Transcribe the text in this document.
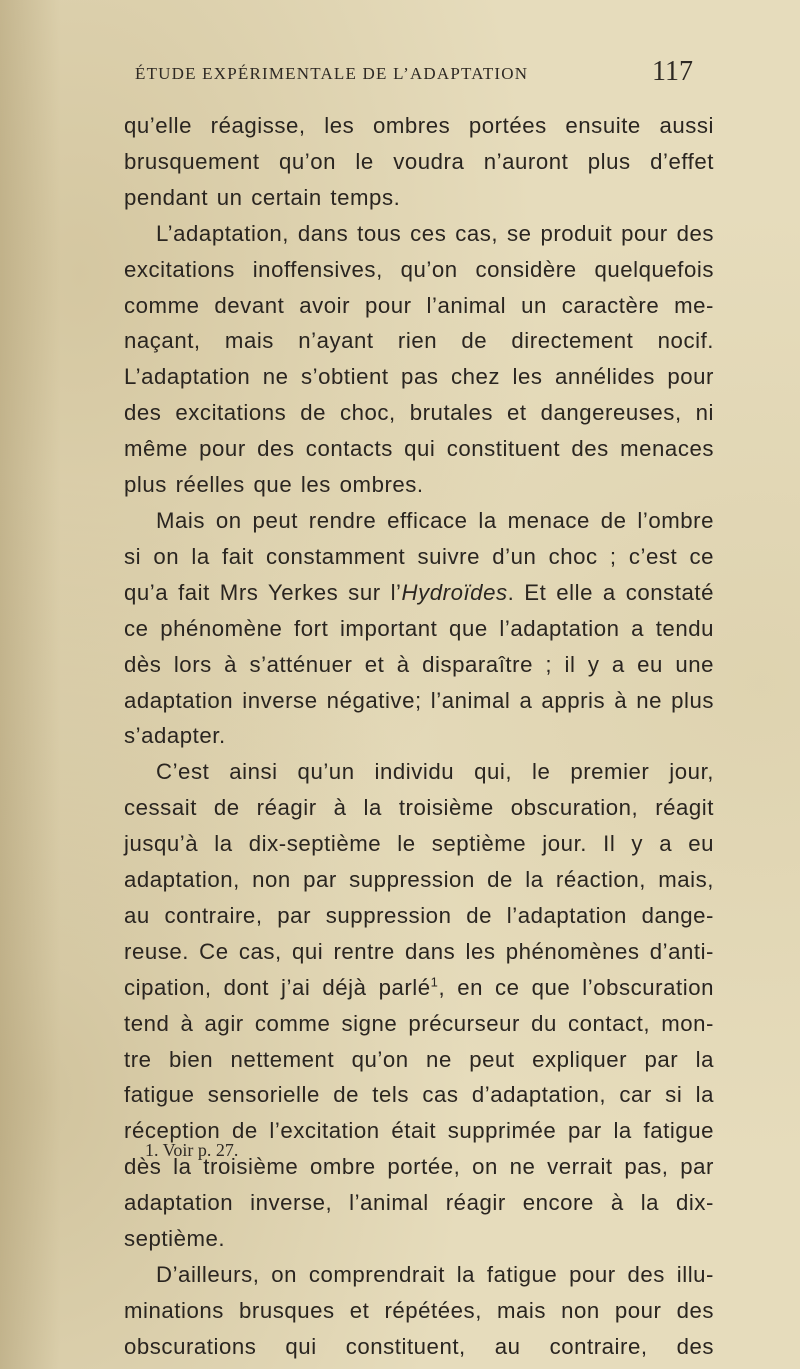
ÉTUDE EXPÉRIMENTALE DE L’ADAPTATION	117
qu’elle réagisse, les ombres portées ensuite aussi
brusquement qu’on le voudra n’auront plus d’effet
pendant un certain temps.
L’adaptation, dans tous ces cas, se produit pour des
excitations inoffensives, qu’on considère quelquefois
comme devant avoir pour l’animal un caractère me-
naçant, mais n’ayant rien de directement nocif.
L’adaptation ne s’obtient pas chez les annélides pour
des excitations de choc, brutales et dangereuses, ni
même pour des contacts qui constituent des menaces
plus réelles que les ombres.
Mais on peut rendre efficace la menace de l’ombre
si on la fait constamment suivre d’un choc ; c’est ce
qu’a fait Mrs Yerkes sur l’Hydroïdes. Et elle a constaté
ce phénomène fort important que l’adaptation a tendu
dès lors à s’atténuer et à disparaître ; il y a eu une
adaptation inverse négative; l’animal a appris à ne plus
s’adapter.
C’est ainsi qu’un individu qui, le premier jour,
cessait de réagir à la troisième obscuration, réagit
jusqu’à la dix-septième le septième jour. Il y a eu
adaptation, non par suppression de la réaction, mais,
au contraire, par suppression de l’adaptation dange-
reuse. Ce cas, qui rentre dans les phénomènes d’anti-
cipation, dont j’ai déjà parlé$^1$, en ce que l’obscuration
tend à agir comme signe précurseur du contact, mon-
tre bien nettement qu’on ne peut expliquer par la
fatigue sensorielle de tels cas d’adaptation, car si la
réception de l’excitation était supprimée par la fatigue
dès la troisième ombre portée, on ne verrait pas, par
adaptation inverse, l’animal réagir encore à la dix-
septième.
D’ailleurs, on comprendrait la fatigue pour des illu-
minations brusques et répétées, mais non pour des
obscurations qui constituent, au contraire, des
1. Voir p. 27.
